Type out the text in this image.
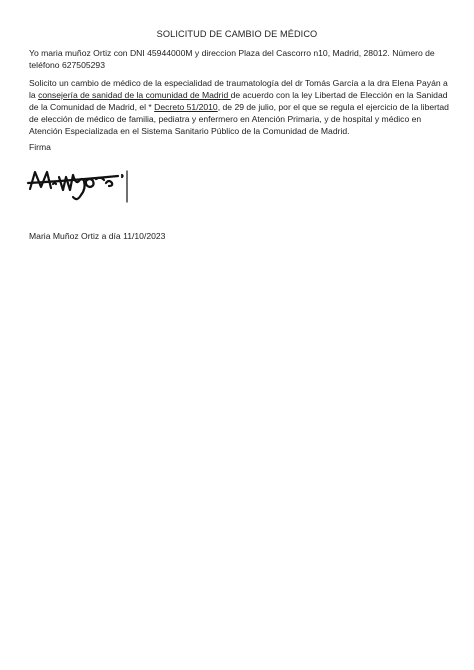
SOLICITUD DE CAMBIO DE MÉDICO
Yo maria muñoz Ortiz con DNI 45944000M y direccion Plaza del Cascorro n10, Madrid, 28012. Número de teléfono 627505293
Solicito un cambio de médico de la especialidad de traumatología del dr Tomás García a la dra Elena Payán a la consejería de sanidad de la comunidad de Madrid de acuerdo con la ley Libertad de Elección en la Sanidad de la Comunidad de Madrid, el * Decreto 51/2010, de 29 de julio, por el que se regula el ejercicio de la libertad de elección de médico de familia, pediatra y enfermero en Atención Primaria, y de hospital y médico en Atención Especializada en el Sistema Sanitario Público de la Comunidad de Madrid.
Firma
Maria Muñoz Ortiz a día 11/10/2023
